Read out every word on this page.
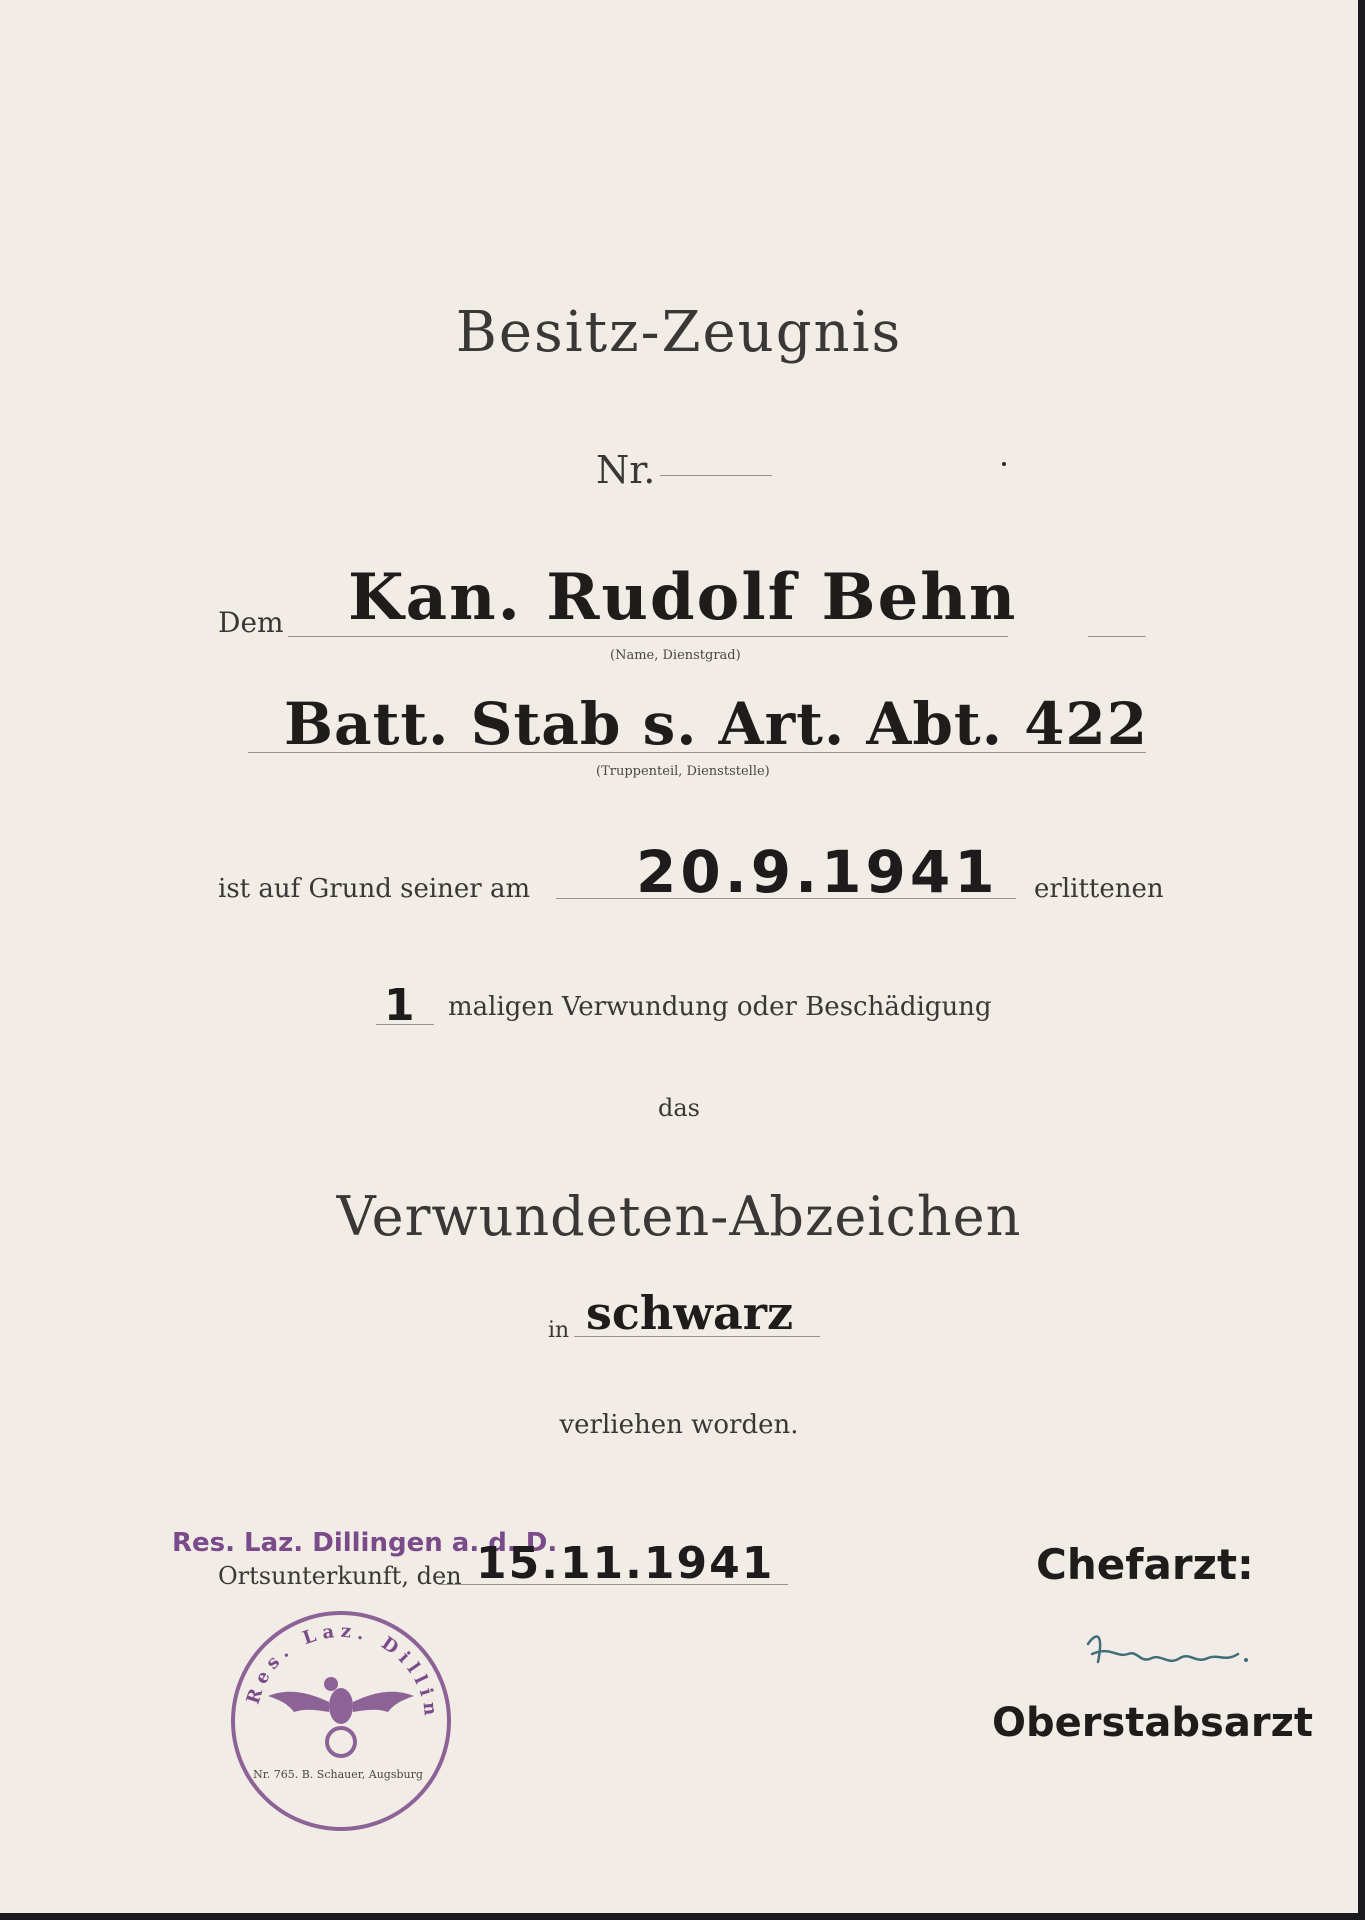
Besitz-Zeugnis
Nr.
Dem Kan. Rudolf Behn
(Name, Dienstgrad)
Batt. Stab s. Art. Abt. 422
(Truppenteil, Dienststelle)
ist auf Grund seiner am 20.9.1941 erlittenen
1 maligen Verwundung oder Beschädigung
das
Verwundeten-Abzeichen
in schwarz
verliehen worden.
Res. Laz. Dillingen a. d. D.
Ortsunterkunft, den 15.11.1941	Chefarzt:
Oberstabsarzt
Res. Laz. Dillin
Nr. 765. B. Schauer, Augsburg
